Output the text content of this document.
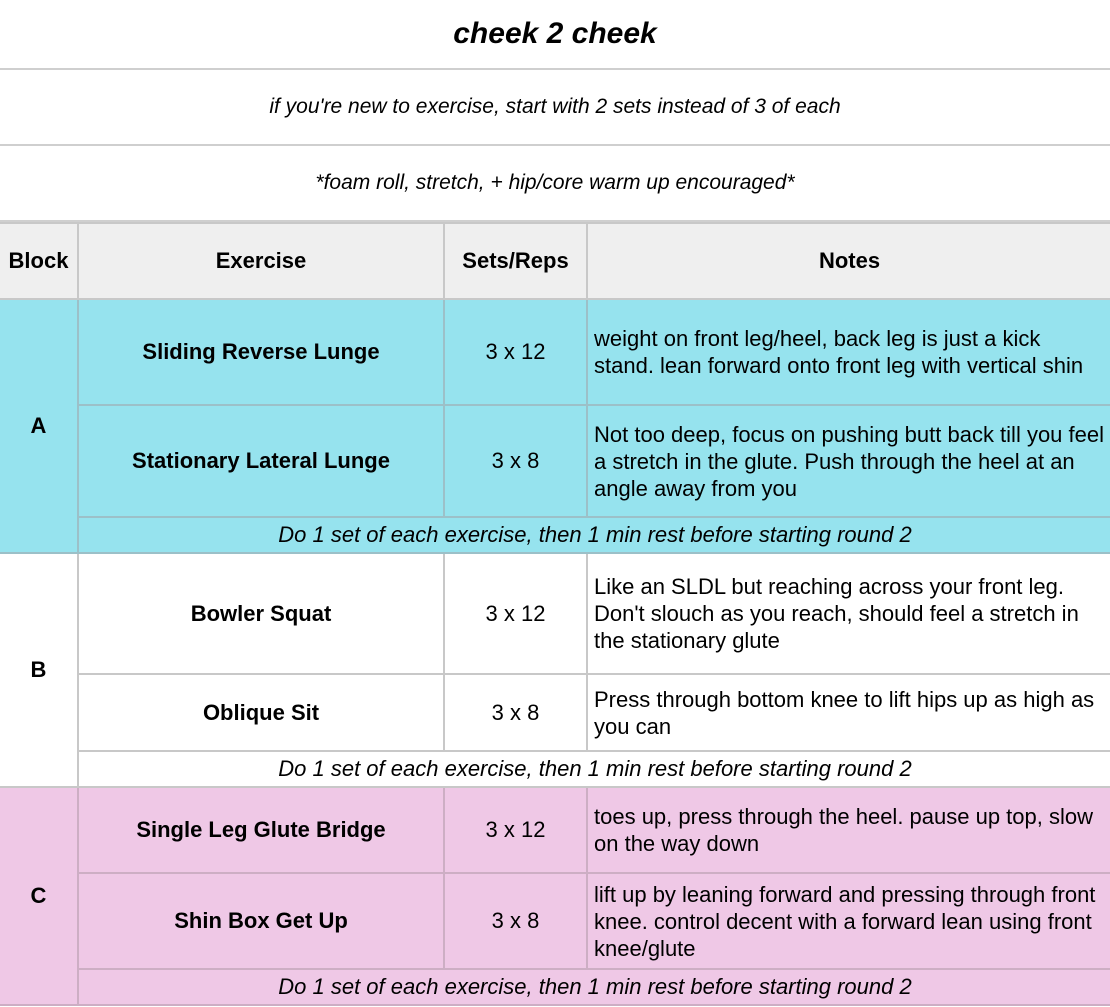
cheek 2 cheek
if you're new to exercise, start with 2 sets instead of 3 of each
*foam roll, stretch, + hip/core warm up encouraged*
Block	Exercise	Sets/Reps	Notes
A	Sliding Reverse Lunge	3 x 12	weight on front leg/heel, back leg is just a kick stand. lean forward onto front leg with vertical shin
	Stationary Lateral Lunge	3 x 8	Not too deep, focus on pushing butt back till you feel a stretch in the glute. Push through the heel at an angle away from you
	Do 1 set of each exercise, then 1 min rest before starting round 2		
B	Bowler Squat	3 x 12	Like an SLDL but reaching across your front leg. Don't slouch as you reach, should feel a stretch in the stationary glute
	Oblique Sit	3 x 8	Press through bottom knee to lift hips up as high as you can
	Do 1 set of each exercise, then 1 min rest before starting round 2		
C	Single Leg Glute Bridge	3 x 12	toes up, press through the heel. pause up top, slow on the way down
	Shin Box Get Up	3 x 8	lift up by leaning forward and pressing through front knee. control decent with a forward lean using front knee/glute
	Do 1 set of each exercise, then 1 min rest before starting round 2		
